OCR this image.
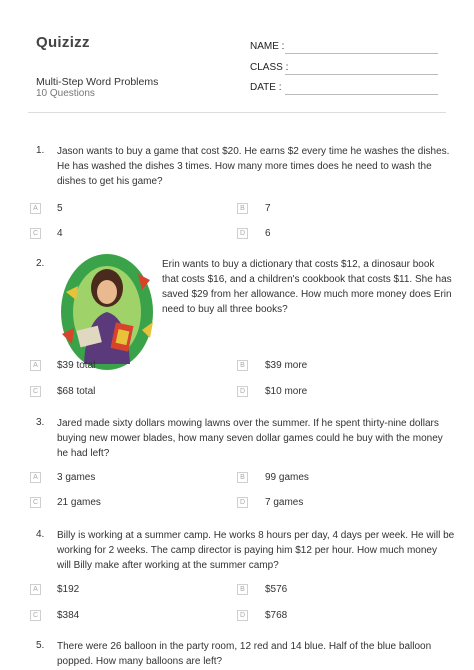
Quizizz
Multi-Step Word Problems
10 Questions
NAME :
CLASS :
DATE :
1. Jason wants to buy a game that cost $20. He earns $2 every time he washes the dishes.
He has washed the dishes 3 times. How many more times does he need to wash the
dishes to get his game?
A	5	B	7
C 4	D 6
2.	Erin wants to buy a dictionary that costs $12, a dinosaur book
that costs $16, and a children's cookbook that costs $11. She has
saved $29 from her allowance. How much more money does Erin
need to buy all three books?
A	$39 total	B	$39 more
C $68 total	D $10 more
3. Jared made sixty dollars mowing lawns over the summer. If he spent thirty-nine dollars
buying new mower blades, how many seven dollar games could he buy with the money
he had left?
A	3 games	B	99 games
C 21 games	D 7 games
4. Billy is working at a summer camp. He works 8 hours per day, 4 days per week. He will be
working for 2 weeks. The camp director is paying him $12 per hour. How much money
will Billy make after working at the summer camp?
A	$192	B	$576
C $384	D $768
5. There were 26 balloon in the party room, 12 red and 14 blue. Half of the blue balloon
popped. How many balloons are left?
